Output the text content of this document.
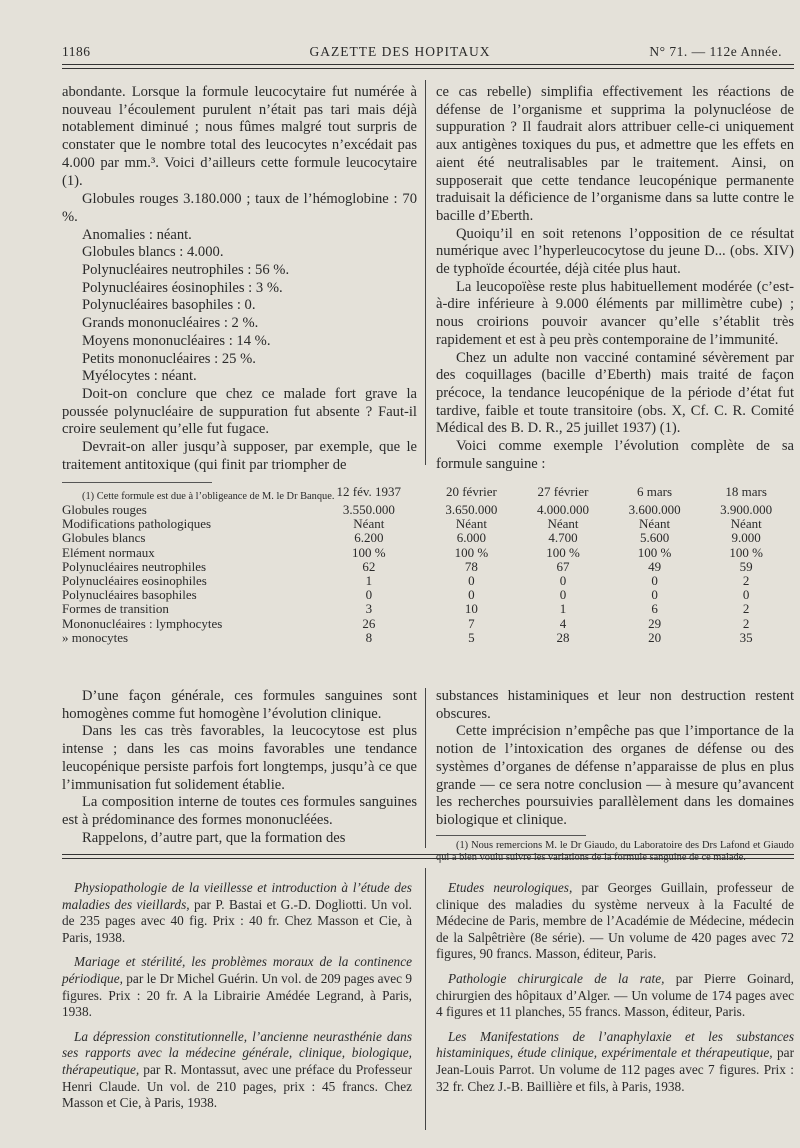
1186	GAZETTE DES HOPITAUX	N° 71. — 112e Année.

abondante. Lorsque la formule leucocytaire fut numérée à nouveau l’écoulement purulent n’était pas tari mais déjà notablement diminué ; nous fûmes malgré tout surpris de constater que le nombre total des leucocytes n’excédait pas 4.000 par mm.³. Voici d’ailleurs cette formule leucocytaire (1).

Globules rouges 3.180.000 ; taux de l’hémoglobine : 70 %.

Anomalies : néant.

Globules blancs : 4.000.

Polynucléaires neutrophiles : 56 %.

Polynucléaires éosinophiles : 3 %.

Polynucléaires basophiles : 0.

Grands mononucléaires : 2 %.

Moyens mononucléaires : 14 %.

Petits mononucléaires : 25 %.

Myélocytes : néant.

Doit-on conclure que chez ce malade fort grave la poussée polynucléaire de suppuration fut absente ? Faut-il croire seulement qu’elle fut fugace.

Devrait-on aller jusqu’à supposer, par exemple, que le traitement antitoxique (qui finit par triompher de

(1) Cette formule est due à l’obligeance de M. le Dr Banque.

ce cas rebelle) simplifia effectivement les réactions de défense de l’organisme et supprima la polynucléose de suppuration ? Il faudrait alors attribuer celle-ci uniquement aux antigènes toxiques du pus, et admettre que les effets en aient été neutralisables par le traitement. Ainsi, on supposerait que cette tendance leucopénique permanente traduisait la déficience de l’organisme dans sa lutte contre le bacille d’Eberth.

Quoiqu’il en soit retenons l’opposition de ce résultat numérique avec l’hyperleucocytose du jeune D... (obs. XIV) de typhoïde écourtée, déjà citée plus haut.

La leucopoïèse reste plus habituellement modérée (c’est-à-dire inférieure à 9.000 éléments par millimètre cube) ; nous croirions pouvoir avancer qu’elle s’établit très rapidement et est à peu près contemporaine de l’immunité.

Chez un adulte non vacciné contaminé sévèrement par des coquillages (bacille d’Eberth) mais traité de façon précoce, la tendance leucopénique de la période d’état fut tardive, faible et toute transitoire (obs. X, Cf. C. R. Comité Médical des B. D. R., 25 juillet 1937) (1).

Voici comme exemple l’évolution complète de sa formule sanguine :

	12 fév. 1937	20 février	27 février	6 mars	18 mars
Globules rouges	3.550.000	3.650.000	4.000.000	3.600.000	3.900.000
Modifications pathologiques	Néant	Néant	Néant	Néant	Néant
Globules blancs	6.200	6.000	4.700	5.600	9.000
Elément normaux	100 %	100 %	100 %	100 %	100 %
Polynucléaires neutrophiles	62	78	67	49	59
Polynucléaires eosinophiles	1	0	0	0	2
Polynucléaires basophiles	0	0	0	0	0
Formes de transition	3	10	1	6	2
Mononucléaires : lymphocytes	26	7	4	29	2
» monocytes	8	5	28	20	35

D’une façon générale, ces formules sanguines sont homogènes comme fut homogène l’évolution clinique.

Dans les cas très favorables, la leucocytose est plus intense ; dans les cas moins favorables une tendance leucopénique persiste parfois fort longtemps, jusqu’à ce que l’immunisation fut solidement établie.

La composition interne de toutes ces formules sanguines est à prédominance des formes mononucléées.

Rappelons, d’autre part, que la formation des

substances histaminiques et leur non destruction restent obscures.

Cette imprécision n’empêche pas que l’importance de la notion de l’intoxication des organes de défense ou des systèmes d’organes de défense n’apparaisse de plus en plus grande — ce sera notre conclusion — à mesure qu’avancent les recherches poursuivies parallèlement dans les domaines biologique et clinique.

(1) Nous remercions M. le Dr Giaudo, du Laboratoire des Drs Lafond et Giaudo qui a bien voulu suivre les variations de la formule sanguine de ce malade.

Physiopathologie de la vieillesse et introduction à l’étude des maladies des vieillards, par P. Bastai et G.-D. Dogliotti. Un vol. de 235 pages avec 40 fig. Prix : 40 fr. Chez Masson et Cie, à Paris, 1938.

Mariage et stérilité, les problèmes moraux de la continence périodique, par le Dr Michel Guérin. Un vol. de 209 pages avec 9 figures. Prix : 20 fr. A la Librairie Amédée Legrand, à Paris, 1938.

La dépression constitutionnelle, l’ancienne neurasthénie dans ses rapports avec la médecine générale, clinique, biologique, thérapeutique, par R. Montassut, avec une préface du Professeur Henri Claude. Un vol. de 210 pages, prix : 45 francs. Chez Masson et Cie, à Paris, 1938.

Etudes neurologiques, par Georges Guillain, professeur de clinique des maladies du système nerveux à la Faculté de Médecine de Paris, membre de l’Académie de Médecine, médecin de la Salpêtrière (8e série). — Un volume de 420 pages avec 72 figures, 90 francs. Masson, éditeur, Paris.

Pathologie chirurgicale de la rate, par Pierre Goinard, chirurgien des hôpitaux d’Alger. — Un volume de 174 pages avec 4 figures et 11 planches, 55 francs. Masson, éditeur, Paris.

Les Manifestations de l’anaphylaxie et les substances histaminiques, étude clinique, expérimentale et thérapeutique, par Jean-Louis Parrot. Un volume de 112 pages avec 7 figures. Prix : 32 fr. Chez J.-B. Baillière et fils, à Paris, 1938.
